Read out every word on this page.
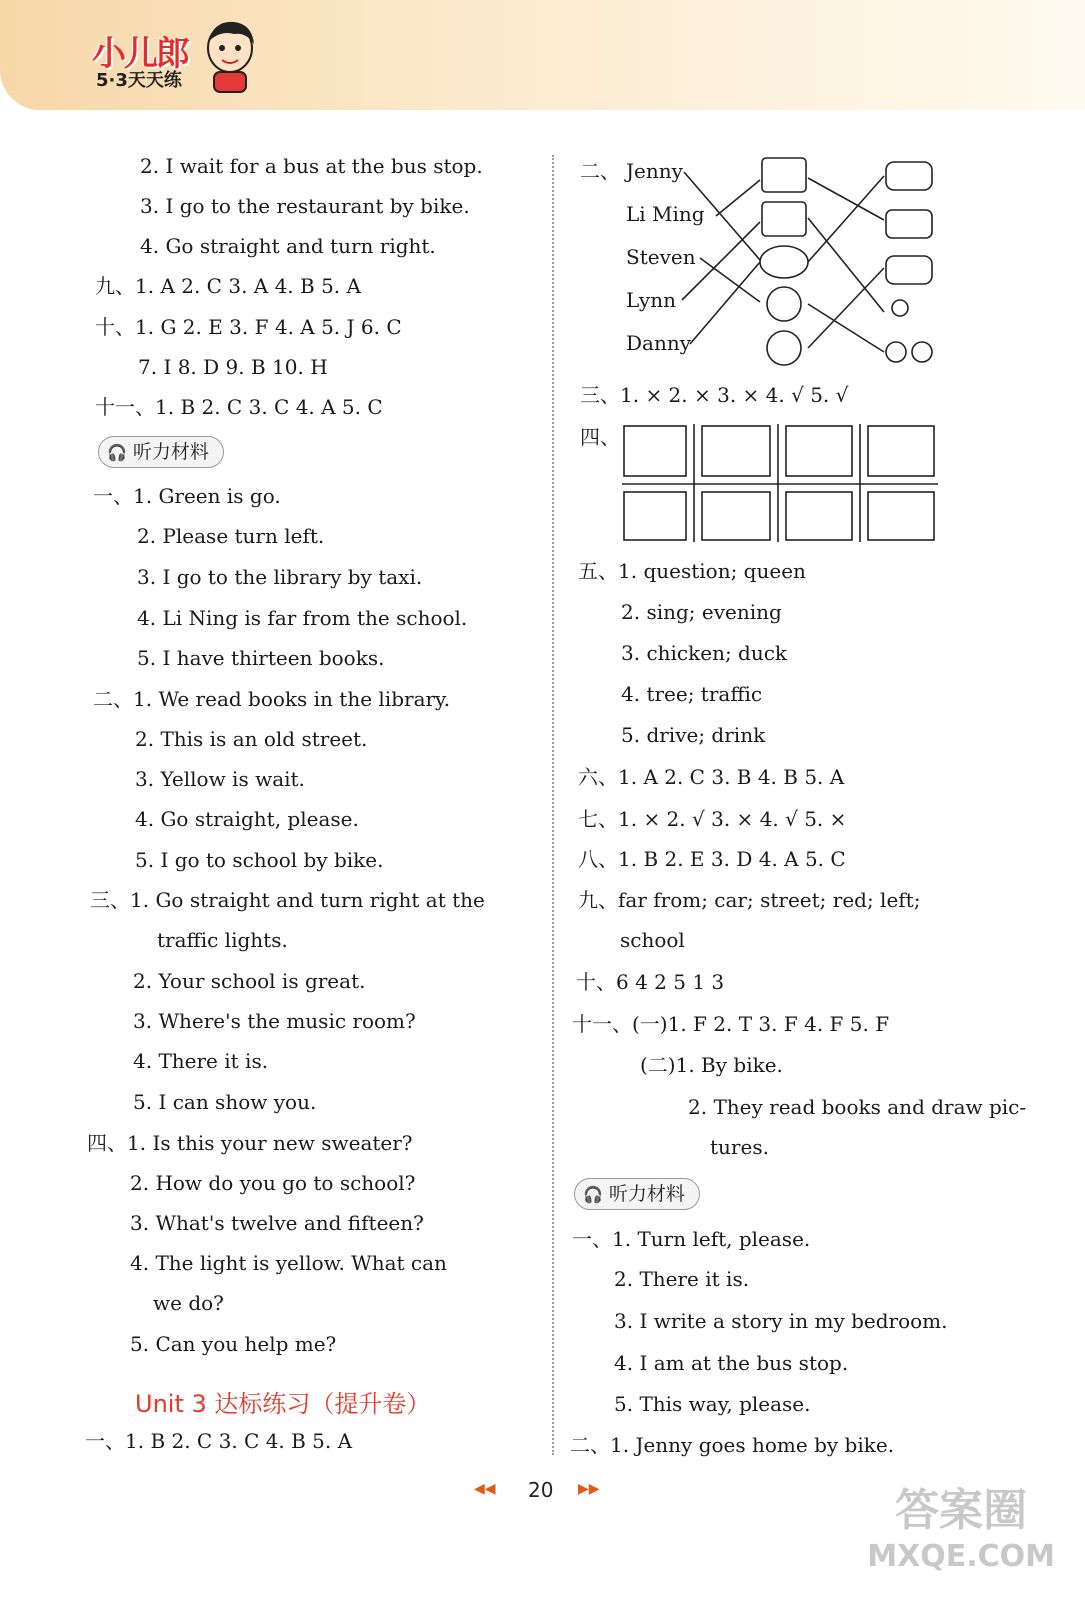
小儿郎
5·3天天练
2. I wait for a bus at the bus stop.
3. I go to the restaurant by bike.
4. Go straight and turn right.
九、1. A 2. C 3. A 4. B 5. A
十、1. G 2. E 3. F 4. A 5. J 6. C
7. I 8. D 9. B 10. H
十一、1. B 2. C 3. C 4. A 5. C
🎧 听力材料
一、1. Green is go.
2. Please turn left.
3. I go to the library by taxi.
4. Li Ning is far from the school.
5. I have thirteen books.
二、1. We read books in the library.
2. This is an old street.
3. Yellow is wait.
4. Go straight, please.
5. I go to school by bike.
三、1. Go straight and turn right at the
traffic lights.
2. Your school is great.
3. Where's the music room?
4. There it is.
5. I can show you.
四、1. Is this your new sweater?
2. How do you go to school?
3. What's twelve and fifteen?
4. The light is yellow. What can
we do?
5. Can you help me?
Unit 3 达标练习（提升卷）
一、1. B 2. C 3. C 4. B 5. A
二、 Jenny
Li Ming
Steven
Lynn
Danny
三、1. × 2. × 3. × 4. √ 5. √
四、
五、1. question; queen
2. sing; evening
3. chicken; duck
4. tree; traffic
5. drive; drink
六、1. A 2. C 3. B 4. B 5. A
七、1. × 2. √ 3. × 4. √ 5. ×
八、1. B 2. E 3. D 4. A 5. C
九、far from; car; street; red; left;
school
十、6 4 2 5 1 3
十一、(一)1. F 2. T 3. F 4. F 5. F
(二)1. By bike.
2. They read books and draw pic-
tures.
🎧 听力材料
一、1. Turn left, please.
2. There it is.
3. I write a story in my bedroom.
4. I am at the bus stop.
5. This way, please.
二、1. Jenny goes home by bike.
◀◀ 20 ▶▶	答案圈
MXQE.COM
